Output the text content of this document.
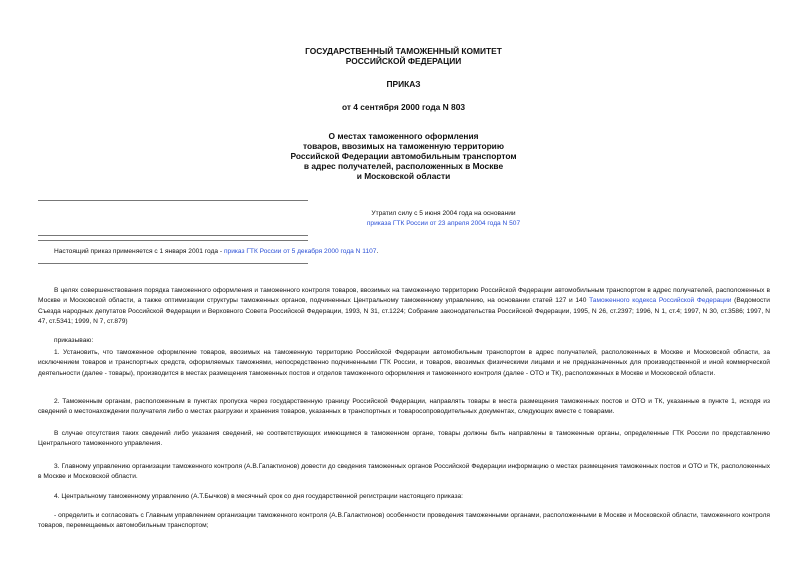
ГОСУДАРСТВЕННЫЙ ТАМОЖЕННЫЙ КОМИТЕТ

РОССИЙСКОЙ ФЕДЕРАЦИИ

ПРИКАЗ

от 4 сентября 2000 года N 803

О местах таможенного оформления

товаров, ввозимых на таможенную территорию

Российской Федерации автомобильным транспортом

в адрес получателей, расположенных в Москве

и Московской области

Утратил силу с 5 июня 2004 года на основании

приказа ГТК России от 23 апреля 2004 года N 507

Настоящий приказ применяется с 1 января 2001 года - приказ ГТК России от 5 декабря 2000 года N 1107.

В целях совершенствования порядка таможенного оформления и таможенного контроля товаров, ввозимых на таможенную территорию Российской Федерации автомобильным транспортом в адрес получателей, расположенных в Москве и Московской области, а также оптимизации структуры таможенных органов, подчиненных Центральному таможенному управлению, на основании статей 127 и 140 Таможенного кодекса Российской Федерации (Ведомости Съезда народных депутатов Российской Федерации и Верховного Совета Российской Федерации, 1993, N 31, ст.1224; Собрание законодательства Российской Федерации, 1995, N 26, ст.2397; 1996, N 1, ст.4; 1997, N 30, ст.3586; 1997, N 47, ст.5341; 1999, N 7, ст.879)

приказываю:

1. Установить, что таможенное оформление товаров, ввозимых на таможенную территорию Российской Федерации автомобильным транспортом в адрес получателей, расположенных в Москве и Московской области, за исключением товаров и транспортных средств, оформляемых таможнями, непосредственно подчиненными ГТК России, и товаров, ввозимых физическими лицами и не предназначенных для производственной и иной коммерческой деятельности (далее - товары), производится в местах размещения таможенных постов и отделов таможенного оформления и таможенного контроля (далее - ОТО и ТК), расположенных в Москве и Московской области.

2. Таможенным органам, расположенным в пунктах пропуска через государственную границу Российской Федерации, направлять товары в места размещения таможенных постов и ОТО и ТК, указанные в пункте 1, исходя из сведений о местонахождении получателя либо о местах разгрузки и хранения товаров, указанных в транспортных и товаросопроводительных документах, следующих вместе с товарами.

В случае отсутствия таких сведений либо указания сведений, не соответствующих имеющимся в таможенном органе, товары должны быть направлены в таможенные органы, определенные ГТК России по представлению Центрального таможенного управления.

3. Главному управлению организации таможенного контроля (А.В.Галактионов) довести до сведения таможенных органов Российской Федерации информацию о местах размещения таможенных постов и ОТО и ТК, расположенных в Москве и Московской области.

4. Центральному таможенному управлению (А.Т.Бычков) в месячный срок со дня государственной регистрации настоящего приказа:

- определить и согласовать с Главным управлением организации таможенного контроля (А.В.Галактионов) особенности проведения таможенными органами, расположенными в Москве и Московской области, таможенного контроля товаров, перемещаемых автомобильным транспортом;
